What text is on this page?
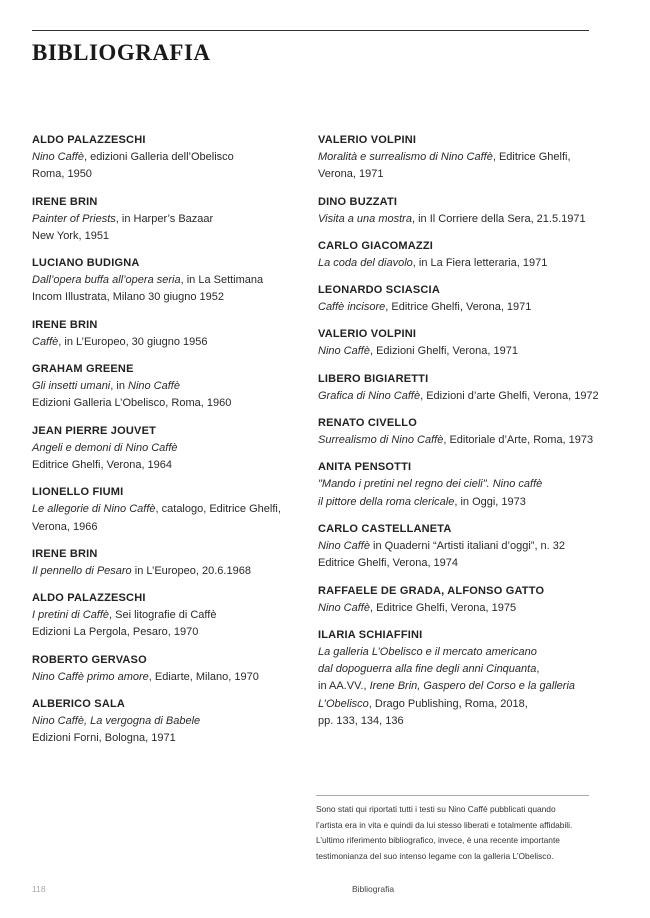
BIBLIOGRAFIA
ALDO PALAZZESCHI
Nino Caffè, edizioni Galleria dell’Obelisco
Roma, 1950
IRENE BRIN
Painter of Priests, in Harper’s Bazaar
New York, 1951
LUCIANO BUDIGNA
Dall’opera buffa all’opera seria, in La Settimana
Incom Illustrata, Milano 30 giugno 1952
IRENE BRIN
Caffè, in L’Europeo, 30 giugno 1956
GRAHAM GREENE
Gli insetti umani, in Nino Caffè
Edizioni Galleria L’Obelisco, Roma, 1960
JEAN PIERRE JOUVET
Angeli e demoni di Nino Caffè
Editrice Ghelfi, Verona, 1964
LIONELLO FIUMI
Le allegorie di Nino Caffè, catalogo, Editrice Ghelfi,
Verona, 1966
IRENE BRIN
Il pennello di Pesaro in L’Europeo, 20.6.1968
ALDO PALAZZESCHI
I pretini di Caffè, Sei litografie di Caffè
Edizioni La Pergola, Pesaro, 1970
ROBERTO GERVASO
Nino Caffè primo amore, Ediarte, Milano, 1970
ALBERICO SALA
Nino Caffè, La vergogna di Babele
Edizioni Forni, Bologna, 1971
VALERIO VOLPINI
Moralità e surrealismo di Nino Caffè, Editrice Ghelfi,
Verona, 1971
DINO BUZZATI
Visita a una mostra, in Il Corriere della Sera, 21.5.1971
CARLO GIACOMAZZI
La coda del diavolo, in La Fiera letteraria, 1971
LEONARDO SCIASCIA
Caffè incisore, Editrice Ghelfi, Verona, 1971
VALERIO VOLPINI
Nino Caffè, Edizioni Ghelfi, Verona, 1971
LIBERO BIGIARETTI
Grafica di Nino Caffè, Edizioni d’arte Ghelfi, Verona, 1972
RENATO CIVELLO
Surrealismo di Nino Caffè, Editoriale d’Arte, Roma, 1973
ANITA PENSOTTI
"Mando i pretini nel regno dei cieli". Nino caffè
il pittore della roma clericale, in Oggi, 1973
CARLO CASTELLANETA
Nino Caffè in Quaderni “Artisti italiani d’oggi”, n. 32
Editrice Ghelfi, Verona, 1974
RAFFAELE DE GRADA, ALFONSO GATTO
Nino Caffè, Editrice Ghelfi, Verona, 1975
ILARIA SCHIAFFINI
La galleria L’Obelisco e il mercato americano
dal dopoguerra alla fine degli anni Cinquanta,
in AA.VV., Irene Brin, Gaspero del Corso e la galleria
L’Obelisco, Drago Publishing, Roma, 2018,
pp. 133, 134, 136
Sono stati qui riportati tutti i testi su Nino Caffè pubblicati quando
l’artista era in vita e quindi da lui stesso liberati e totalmente affidabili.
L’ultimo riferimento bibliografico, invece, è una recente importante
testimonianza del suo intenso legame con la galleria L’Obelisco.
118	Bibliografia
